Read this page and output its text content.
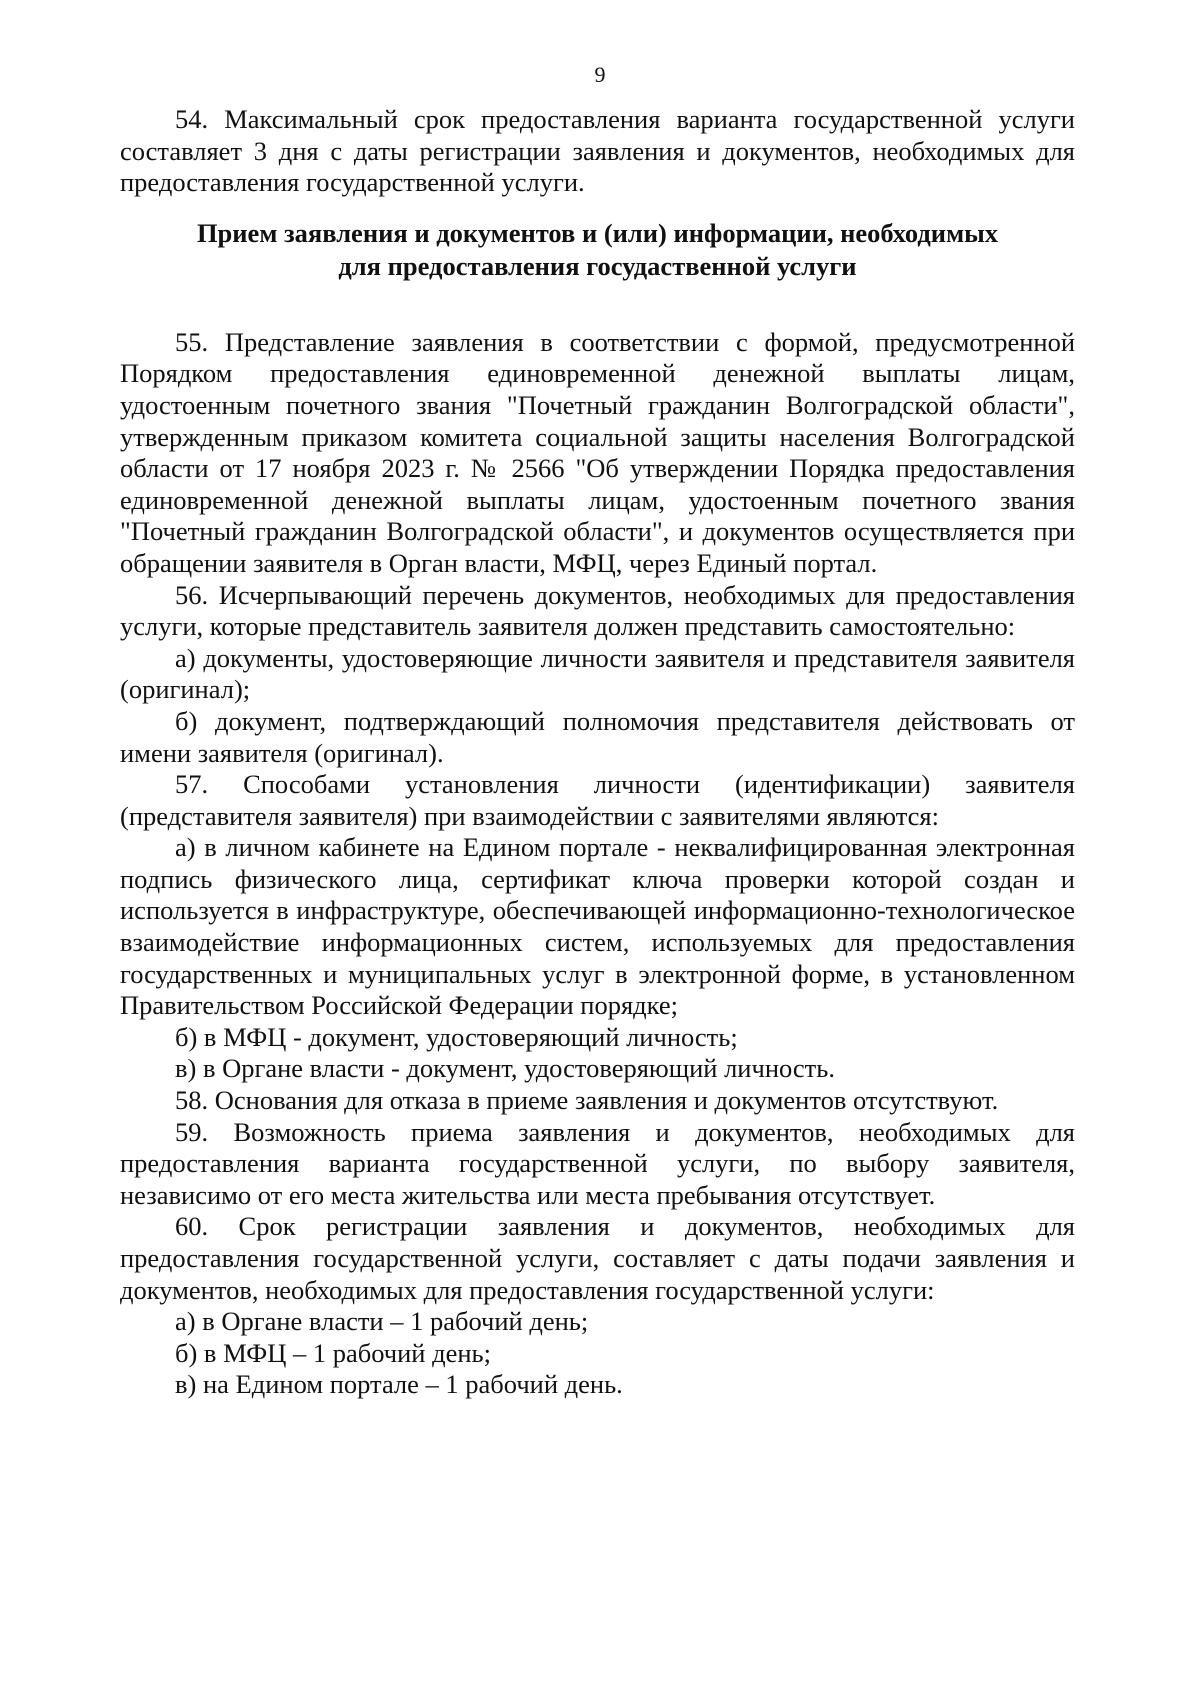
9

54. Максимальный срок предоставления варианта государственной услуги составляет 3 дня с даты регистрации заявления и документов, необходимых для предоставления государственной услуги.

Прием заявления и документов и (или) информации, необходимых
для предоставления госудаственной услуги

55. Представление заявления в соответствии с формой, предусмотренной Порядком предоставления единовременной денежной выплаты лицам, удостоенным почетного звания "Почетный гражданин Волгоградской области", утвержденным приказом комитета социальной защиты населения Волгоградской области от 17 ноября 2023 г. № 2566 "Об утверждении Порядка предоставления единовременной денежной выплаты лицам, удостоенным почетного звания "Почетный гражданин Волгоградской области", и документов осуществляется при обращении заявителя в Орган власти, МФЦ, через Единый портал.

56. Исчерпывающий перечень документов, необходимых для предоставления услуги, которые представитель заявителя должен представить самостоятельно:

а) документы, удостоверяющие личности заявителя и представителя заявителя (оригинал);

б) документ, подтверждающий полномочия представителя действовать от имени заявителя (оригинал).

57. Способами установления личности (идентификации) заявителя (представителя заявителя) при взаимодействии с заявителями являются:

а) в личном кабинете на Едином портале - неквалифицированная электронная подпись физического лица, сертификат ключа проверки которой создан и используется в инфраструктуре, обеспечивающей информационно-технологическое взаимодействие информационных систем, используемых для предоставления государственных и муниципальных услуг в электронной форме, в установленном Правительством Российской Федерации порядке;

б) в МФЦ - документ, удостоверяющий личность;

в) в Органе власти - документ, удостоверяющий личность.

58. Основания для отказа в приеме заявления и документов отсутствуют.

59. Возможность приема заявления и документов, необходимых для предоставления варианта государственной услуги, по выбору заявителя, независимо от его места жительства или места пребывания отсутствует.

60. Срок регистрации заявления и документов, необходимых для предоставления государственной услуги, составляет с даты подачи заявления и документов, необходимых для предоставления государственной услуги:

а) в Органе власти – 1 рабочий день;

б) в МФЦ – 1 рабочий день;

в) на Едином портале – 1 рабочий день.
